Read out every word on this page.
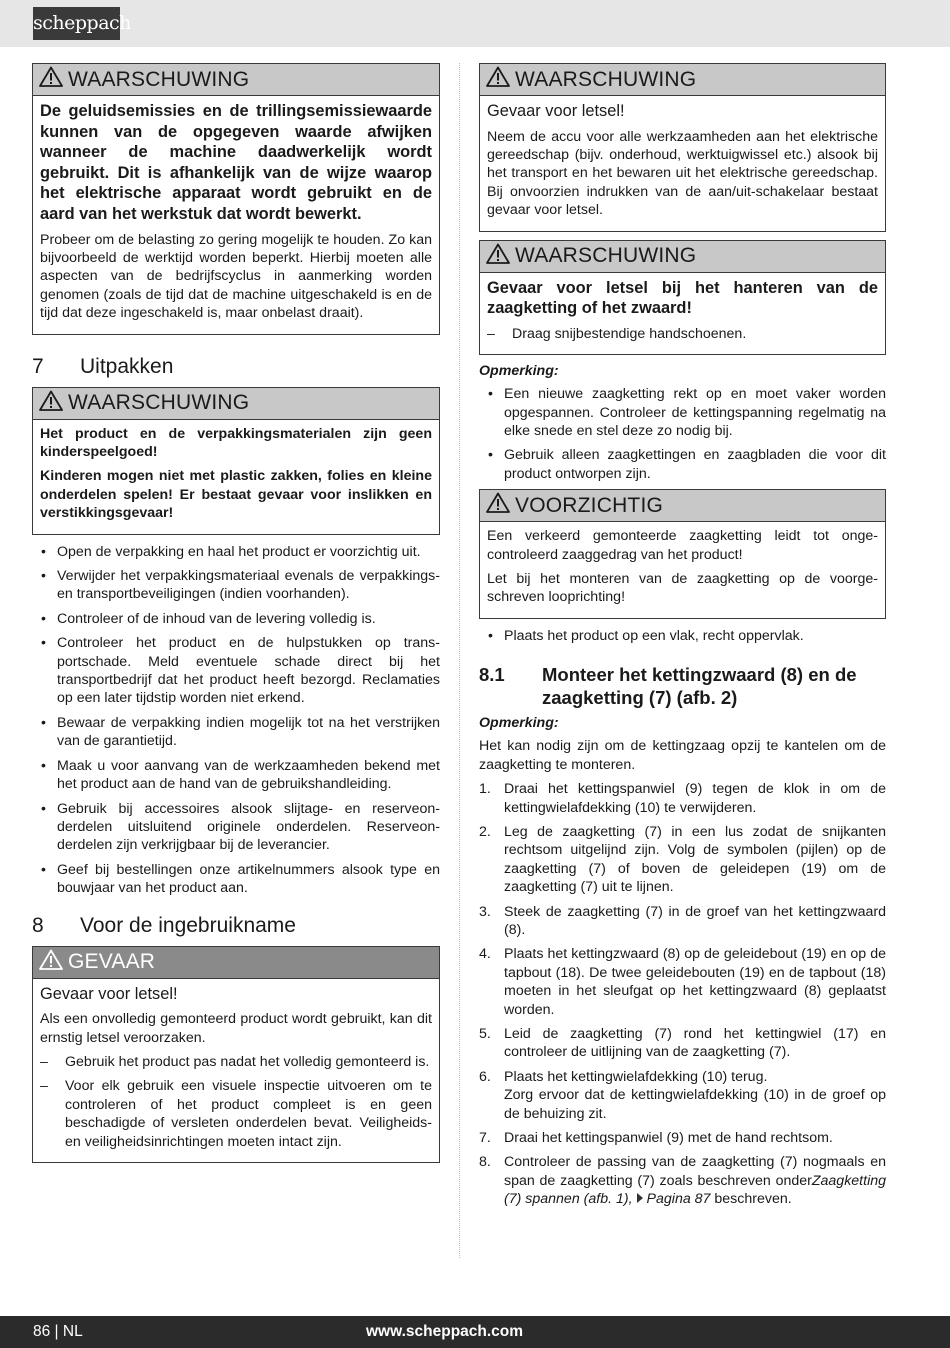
scheppach
WAARSCHUWING

De geluidsemissies en de trillingsemissiewaarde kunnen van de opgegeven waarde afwijken wanneer de machine daadwerkelijk wordt gebruikt. Dit is afhankelijk van de wijze waarop het elektrische apparaat wordt gebruikt en de aard van het werkstuk dat wordt bewerkt.

Probeer om de belasting zo gering mogelijk te houden. Zo kan bijvoorbeeld de werktijd worden beperkt. Hierbij moeten alle aspecten van de bedrijfscyclus in aanmerking worden genomen (zoals de tijd dat de machine uitgeschakeld is en de tijd dat deze ingeschakeld is, maar onbelast draait).

7	Uitpakken
WAARSCHUWING

Het product en de verpakkingsmaterialen zijn geen kinderspeelgoed!

Kinderen mogen niet met plastic zakken, folies en kleine onderdelen spelen! Er bestaat gevaar voor inslikken en verstikkingsgevaar!

• Open de verpakking en haal het product er voorzichtig uit.
• Verwijder het verpakkingsmateriaal evenals de verpakkings- en transportbeveiligingen (indien voorhanden).
• Controleer of de inhoud van de levering volledig is.
• Controleer het product en de hulpstukken op transportschade. Meld eventuele schade direct bij het transportbedrijf dat het product heeft bezorgd. Reclamaties op een later tijdstip worden niet erkend.
• Bewaar de verpakking indien mogelijk tot na het verstrijken van de garantietijd.
• Maak u voor aanvang van de werkzaamheden bekend met het product aan de hand van de gebruikshandleiding.
• Gebruik bij accessoires alsook slijtage- en reserveonderdelen uitsluitend originele onderdelen. Reserveonderdelen zijn verkrijgbaar bij de leverancier.
• Geef bij bestellingen onze artikelnummers alsook type en bouwjaar van het product aan.
8	Voor de ingebruikname
GEVAAR

Gevaar voor letsel!

Als een onvolledig gemonteerd product wordt gebruikt, kan dit ernstig letsel veroorzaken.

– Gebruik het product pas nadat het volledig gemonteerd is.
– Voor elk gebruik een visuele inspectie uitvoeren om te controleren of het product compleet is en geen beschadigde of versleten onderdelen bevat. Veiligheids- en veiligheidsinrichtingen moeten intact zijn.
WAARSCHUWING

Gevaar voor letsel!

Neem de accu voor alle werkzaamheden aan het elektrische gereedschap (bijv. onderhoud, werktuigwissel etc.) alsook bij het transport en het bewaren uit het elektrische gereedschap. Bij onvoorzien indrukken van de aan/uit-schakelaar bestaat gevaar voor letsel.

WAARSCHUWING

Gevaar voor letsel bij het hanteren van de zaagketting of het zwaard!

– Draag snijbestendige handschoenen.
Opmerking:
• Een nieuwe zaagketting rekt op en moet vaker worden opgespannen. Controleer de kettingspanning regelmatig na elke snede en stel deze zo nodig bij.
• Gebruik alleen zaagkettingen en zaagbladen die voor dit product ontworpen zijn.
VOORZICHTIG

Een verkeerd gemonteerde zaagketting leidt tot ongecontroleerd zaaggedrag van het product!

Let bij het monteren van de zaagketting op de voorgeschreven looprichting!

• Plaats het product op een vlak, recht oppervlak.
8.1	Monteer het kettingzwaard (8) en de zaagketting (7) (afb. 2)
Opmerking:

Het kan nodig zijn om de kettingzaag opzij te kantelen om de zaagketting te monteren.

1. Draai het kettingspanwiel (9) tegen de klok in om de kettingwielafdekking (10) te verwijderen.
2. Leg de zaagketting (7) in een lus zodat de snijkanten rechtsom uitgelijnd zijn. Volg de symbolen (pijlen) op de zaagketting (7) of boven de geleidepen (19) om de zaagketting (7) uit te lijnen.
3. Steek de zaagketting (7) in de groef van het kettingzwaard (8).
4. Plaats het kettingzwaard (8) op de geleidebout (19) en op de tapbout (18). De twee geleidebouten (19) en de tapbout (18) moeten in het sleufgat op het kettingzwaard (8) geplaatst worden.
5. Leid de zaagketting (7) rond het kettingwiel (17) en controleer de uitlijning van de zaagketting (7).
6. Plaats het kettingwielafdekking (10) terug.
Zorg ervoor dat de kettingwielafdekking (10) in de groef op de behuizing zit.
7. Draai het kettingspanwiel (9) met de hand rechtsom.
8. Controleer de passing van de zaagketting (7) nogmaals en span de zaagketting (7) zoals beschreven onderZaagketting (7) spannen (afb. 1), Pagina 87 beschreven.
86 | NL	www.scheppach.com
